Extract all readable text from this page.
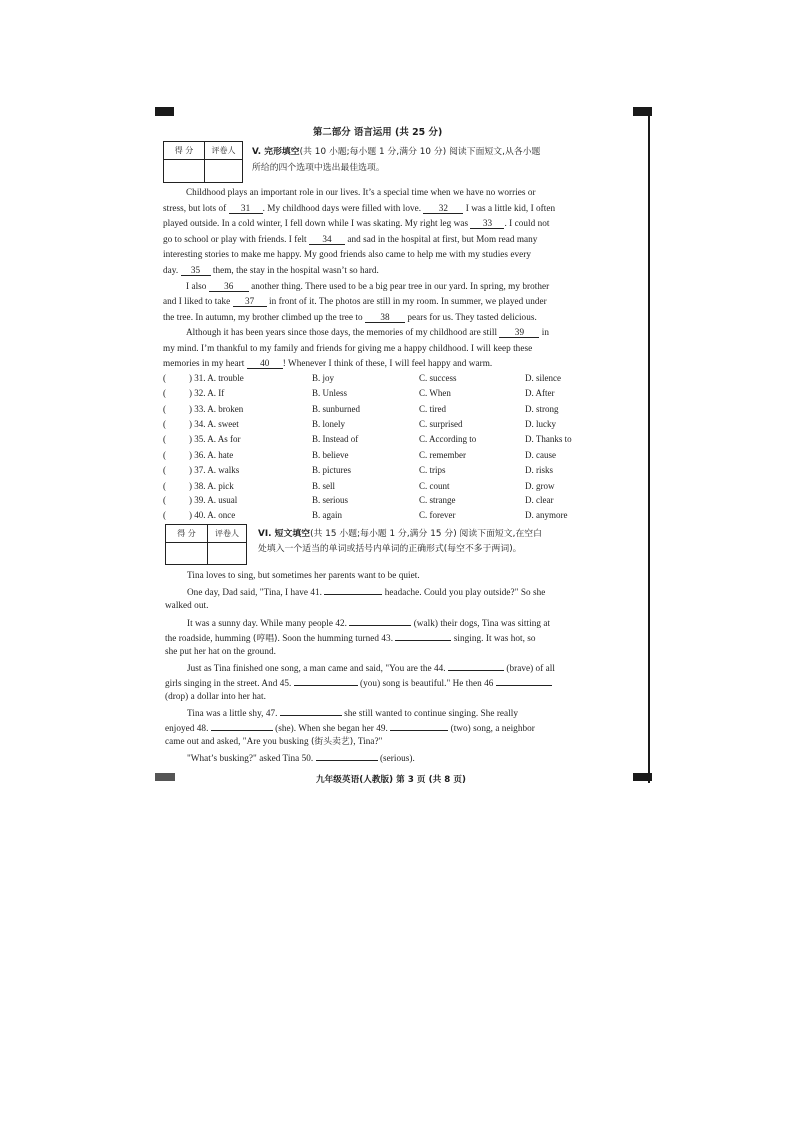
第二部分 语言运用 (共 25 分)
得 分	评卷人
	V. 完形填空(共 10 小题;每小题 1 分,满分 10 分) 阅读下面短文,从各小题
所给的四个选项中选出最佳选项。
Childhood plays an important role in our lives. It’s a special time when we have no worries or
stress, but lots of 31 . My childhood days were filled with love. 32 I was a little kid, I often
played outside. In a cold winter, I fell down while I was skating. My right leg was 33 . I could not
go to school or play with friends. I felt 34 and sad in the hospital at first, but Mom read many
interesting stories to make me happy. My good friends also came to help me with my studies every
day. 35 them, the stay in the hospital wasn’t so hard.
I also 36 another thing. There used to be a big pear tree in our yard. In spring, my brother
and I liked to take 37 in front of it. The photos are still in my room. In summer, we played under
the tree. In autumn, my brother climbed up the tree to 38 pears for us. They tasted delicious.
Although it has been years since those days, the memories of my childhood are still 39 in
my mind. I’m thankful to my family and friends for giving me a happy childhood. I will keep these
memories in my heart 40 ! Whenever I think of these, I will feel happy and warm.
(	) 31. A. trouble	B. joy	C. success	D. silence
(	) 32. A. If	B. Unless	C. When	D. After
(	) 33. A. broken	B. sunburned	C. tired	D. strong
(	) 34. A. sweet	B. lonely	C. surprised	D. lucky
(	) 35. A. As for	B. Instead of	C. According to	D. Thanks to
(	) 36. A. hate	B. believe	C. remember	D. cause
(	) 37. A. walks	B. pictures	C. trips	D. risks
(	) 38. A. pick	B. sell	C. count	D. grow
(	) 39. A. usual	B. serious	C. strange	D. clear
(	) 40. A. once	B. again	C. forever	D. anymore
得 分	评卷人
	VI. 短文填空(共 15 小题;每小题 1 分,满分 15 分) 阅读下面短文,在空白
处填入一个适当的单词或括号内单词的正确形式(每空不多于两词)。
Tina loves to sing, but sometimes her parents want to be quiet.
One day, Dad said, "Tina, I have 41.	headache. Could you play outside?" So she
walked out.
It was a sunny day. While many people 42.	(walk) their dogs, Tina was sitting at
the roadside, humming (哼唱). Soon the humming turned 43.	singing. It was hot, so
she put her hat on the ground.
Just as Tina finished one song, a man came and said, "You are the 44.	(brave) of all
girls singing in the street. And 45.	(you) song is beautiful." He then 46
(drop) a dollar into her hat.
Tina was a little shy, 47.	she still wanted to continue singing. She really
enjoyed 48.	(she). When she began her 49.	(two) song, a neighbor
came out and asked, "Are you busking (街头卖艺), Tina?"
"What’s busking?" asked Tina 50.	(serious).
九年级英语(人教版) 第 3 页 (共 8 页)
